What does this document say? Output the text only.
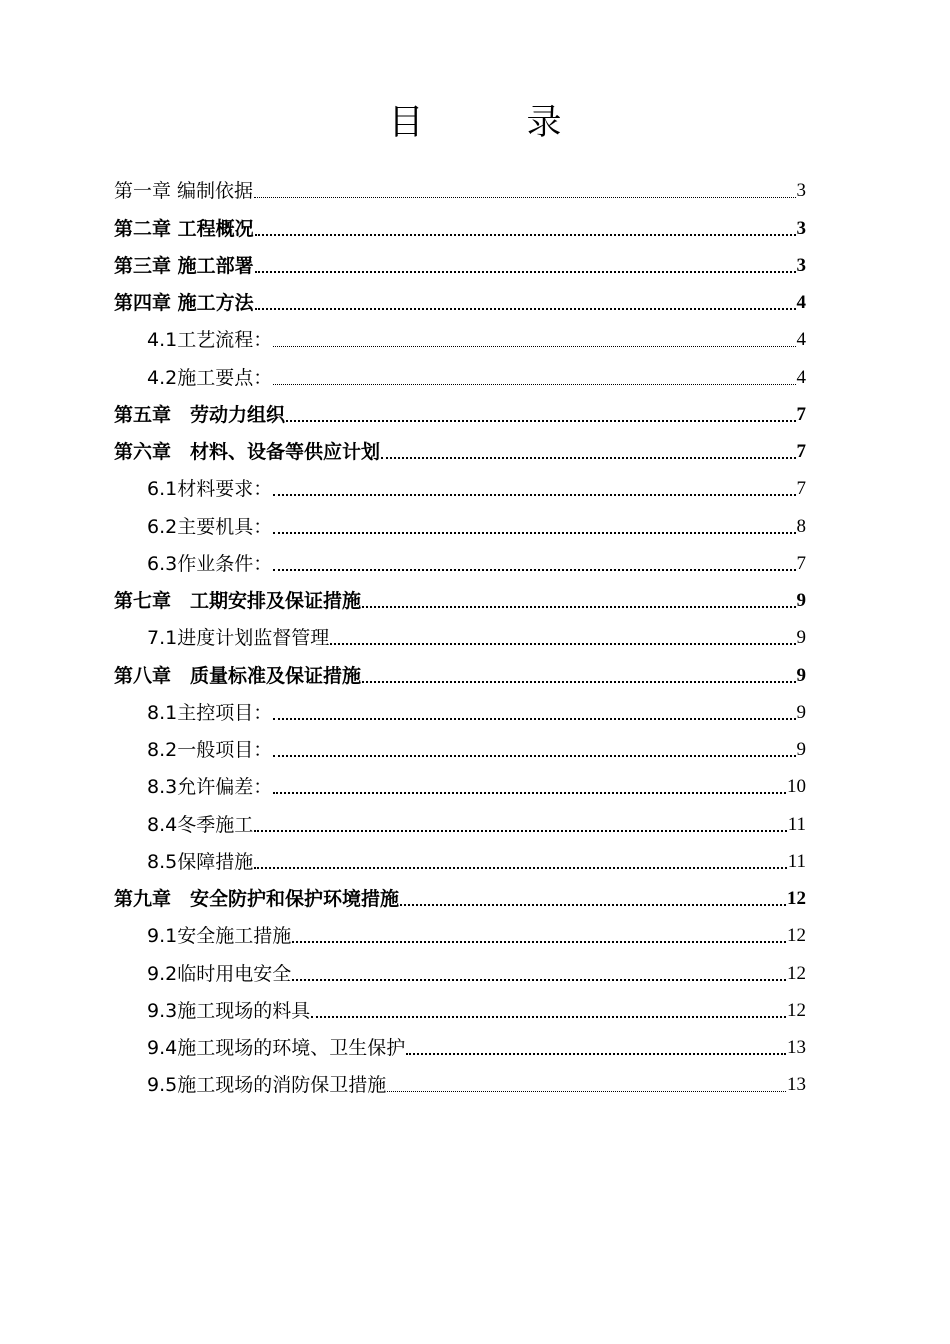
目　录
第一章 编制依据	3
第二章 工程概况	3
第三章 施工部署	3
第四章 施工方法	4
4.1工艺流程：	4
4.2施工要点：	4
第五章　劳动力组织	7
第六章　材料、设备等供应计划	7
6.1材料要求：	7
6.2主要机具：	8
6.3作业条件：	7
第七章　工期安排及保证措施	9
7.1进度计划监督管理	9
第八章　质量标准及保证措施	9
8.1主控项目：	9
8.2一般项目：	9
8.3允许偏差：	10
8.4冬季施工	11
8.5保障措施	11
第九章　安全防护和保护环境措施	12
9.1安全施工措施	12
9.2临时用电安全	12
9.3施工现场的料具	12
9.4施工现场的环境、卫生保护	13
9.5施工现场的消防保卫措施	13
